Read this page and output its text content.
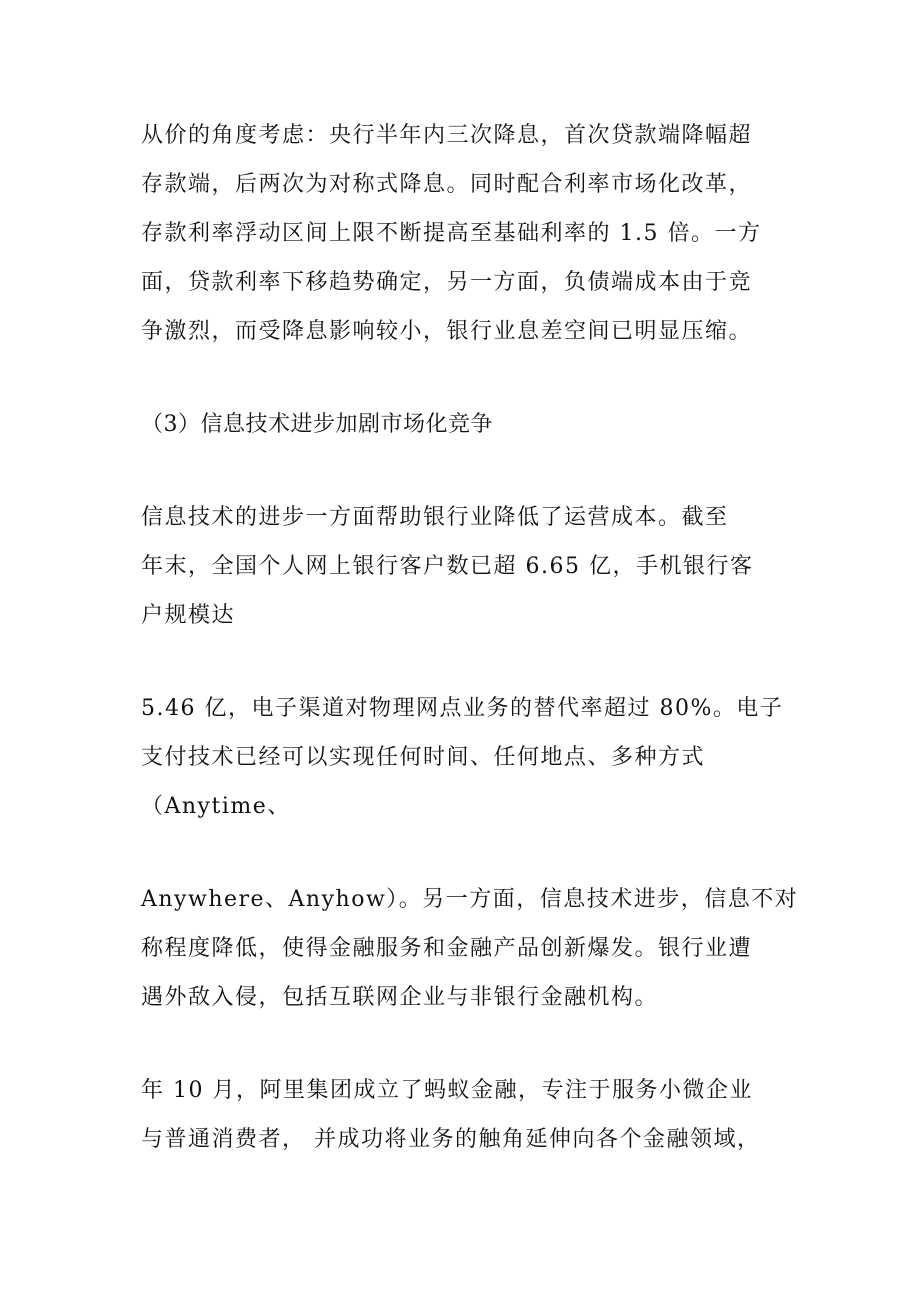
从价的角度考虑：央行半年内三次降息，首次贷款端降幅超
存款端，后两次为对称式降息。同时配合利率市场化改革，
存款利率浮动区间上限不断提高至基础利率的 1.5 倍。一方
面，贷款利率下移趋势确定，另一方面，负债端成本由于竞
争激烈，而受降息影响较小，银行业息差空间已明显压缩。
（3）信息技术进步加剧市场化竞争
信息技术的进步一方面帮助银行业降低了运营成本。截至
年末，全国个人网上银行客户数已超 6.65 亿，手机银行客
户规模达
5.46 亿，电子渠道对物理网点业务的替代率超过 80%。电子
支付技术已经可以实现任何时间、任何地点、多种方式
（Anytime、
Anywhere、Anyhow）。另一方面，信息技术进步，信息不对
称程度降低，使得金融服务和金融产品创新爆发。银行业遭
遇外敌入侵，包括互联网企业与非银行金融机构。
年 10 月，阿里集团成立了蚂蚁金融，专注于服务小微企业
与普通消费者， 并成功将业务的触角延伸向各个金融领域，
